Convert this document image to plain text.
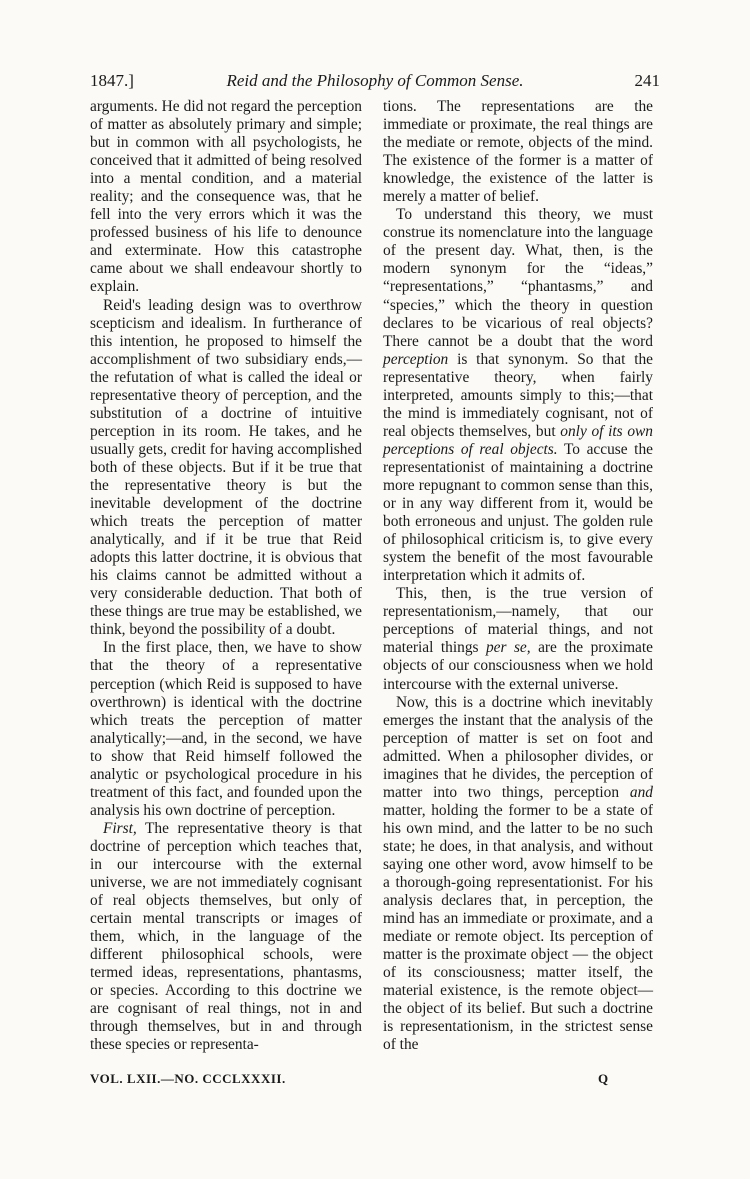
1847.]	Reid and the Philosophy of Common Sense.	241

arguments. He did not regard the perception of matter as absolutely primary and simple; but in common with all psychologists, he conceived that it admitted of being resolved into a mental condition, and a material reality; and the consequence was, that he fell into the very errors which it was the professed business of his life to denounce and exterminate. How this catastrophe came about we shall endeavour shortly to explain.

Reid's leading design was to overthrow scepticism and idealism. In furtherance of this intention, he proposed to himself the accomplishment of two subsidiary ends,—the refutation of what is called the ideal or representative theory of perception, and the substitution of a doctrine of intuitive perception in its room. He takes, and he usually gets, credit for having accomplished both of these objects. But if it be true that the representative theory is but the inevitable development of the doctrine which treats the perception of matter analytically, and if it be true that Reid adopts this latter doctrine, it is obvious that his claims cannot be admitted without a very considerable deduction. That both of these things are true may be established, we think, beyond the possibility of a doubt.

In the first place, then, we have to show that the theory of a representative perception (which Reid is supposed to have overthrown) is identical with the doctrine which treats the perception of matter analytically;—and, in the second, we have to show that Reid himself followed the analytic or psychological procedure in his treatment of this fact, and founded upon the analysis his own doctrine of perception.

First, The representative theory is that doctrine of perception which teaches that, in our intercourse with the external universe, we are not immediately cognisant of real objects themselves, but only of certain mental transcripts or images of them, which, in the language of the different philosophical schools, were termed ideas, representations, phantasms, or species. According to this doctrine we are cognisant of real things, not in and through themselves, but in and through these species or representa-

tions. The representations are the immediate or proximate, the real things are the mediate or remote, objects of the mind. The existence of the former is a matter of knowledge, the existence of the latter is merely a matter of belief.

To understand this theory, we must construe its nomenclature into the language of the present day. What, then, is the modern synonym for the “ideas,” “representations,” “phantasms,” and “species,” which the theory in question declares to be vicarious of real objects? There cannot be a doubt that the word perception is that synonym. So that the representative theory, when fairly interpreted, amounts simply to this;—that the mind is immediately cognisant, not of real objects themselves, but only of its own perceptions of real objects. To accuse the representationist of maintaining a doctrine more repugnant to common sense than this, or in any way different from it, would be both erroneous and unjust. The golden rule of philosophical criticism is, to give every system the benefit of the most favourable interpretation which it admits of.

This, then, is the true version of representationism,—namely, that our perceptions of material things, and not material things per se, are the proximate objects of our consciousness when we hold intercourse with the external universe.

Now, this is a doctrine which inevitably emerges the instant that the analysis of the perception of matter is set on foot and admitted. When a philosopher divides, or imagines that he divides, the perception of matter into two things, perception and matter, holding the former to be a state of his own mind, and the latter to be no such state; he does, in that analysis, and without saying one other word, avow himself to be a thorough-going representationist. For his analysis declares that, in perception, the mind has an immediate or proximate, and a mediate or remote object. Its perception of matter is the proximate object — the object of its consciousness; matter itself, the material existence, is the remote object—the object of its belief. But such a doctrine is representationism, in the strictest sense of the

VOL. LXII.—NO. CCCLXXXII.	Q
